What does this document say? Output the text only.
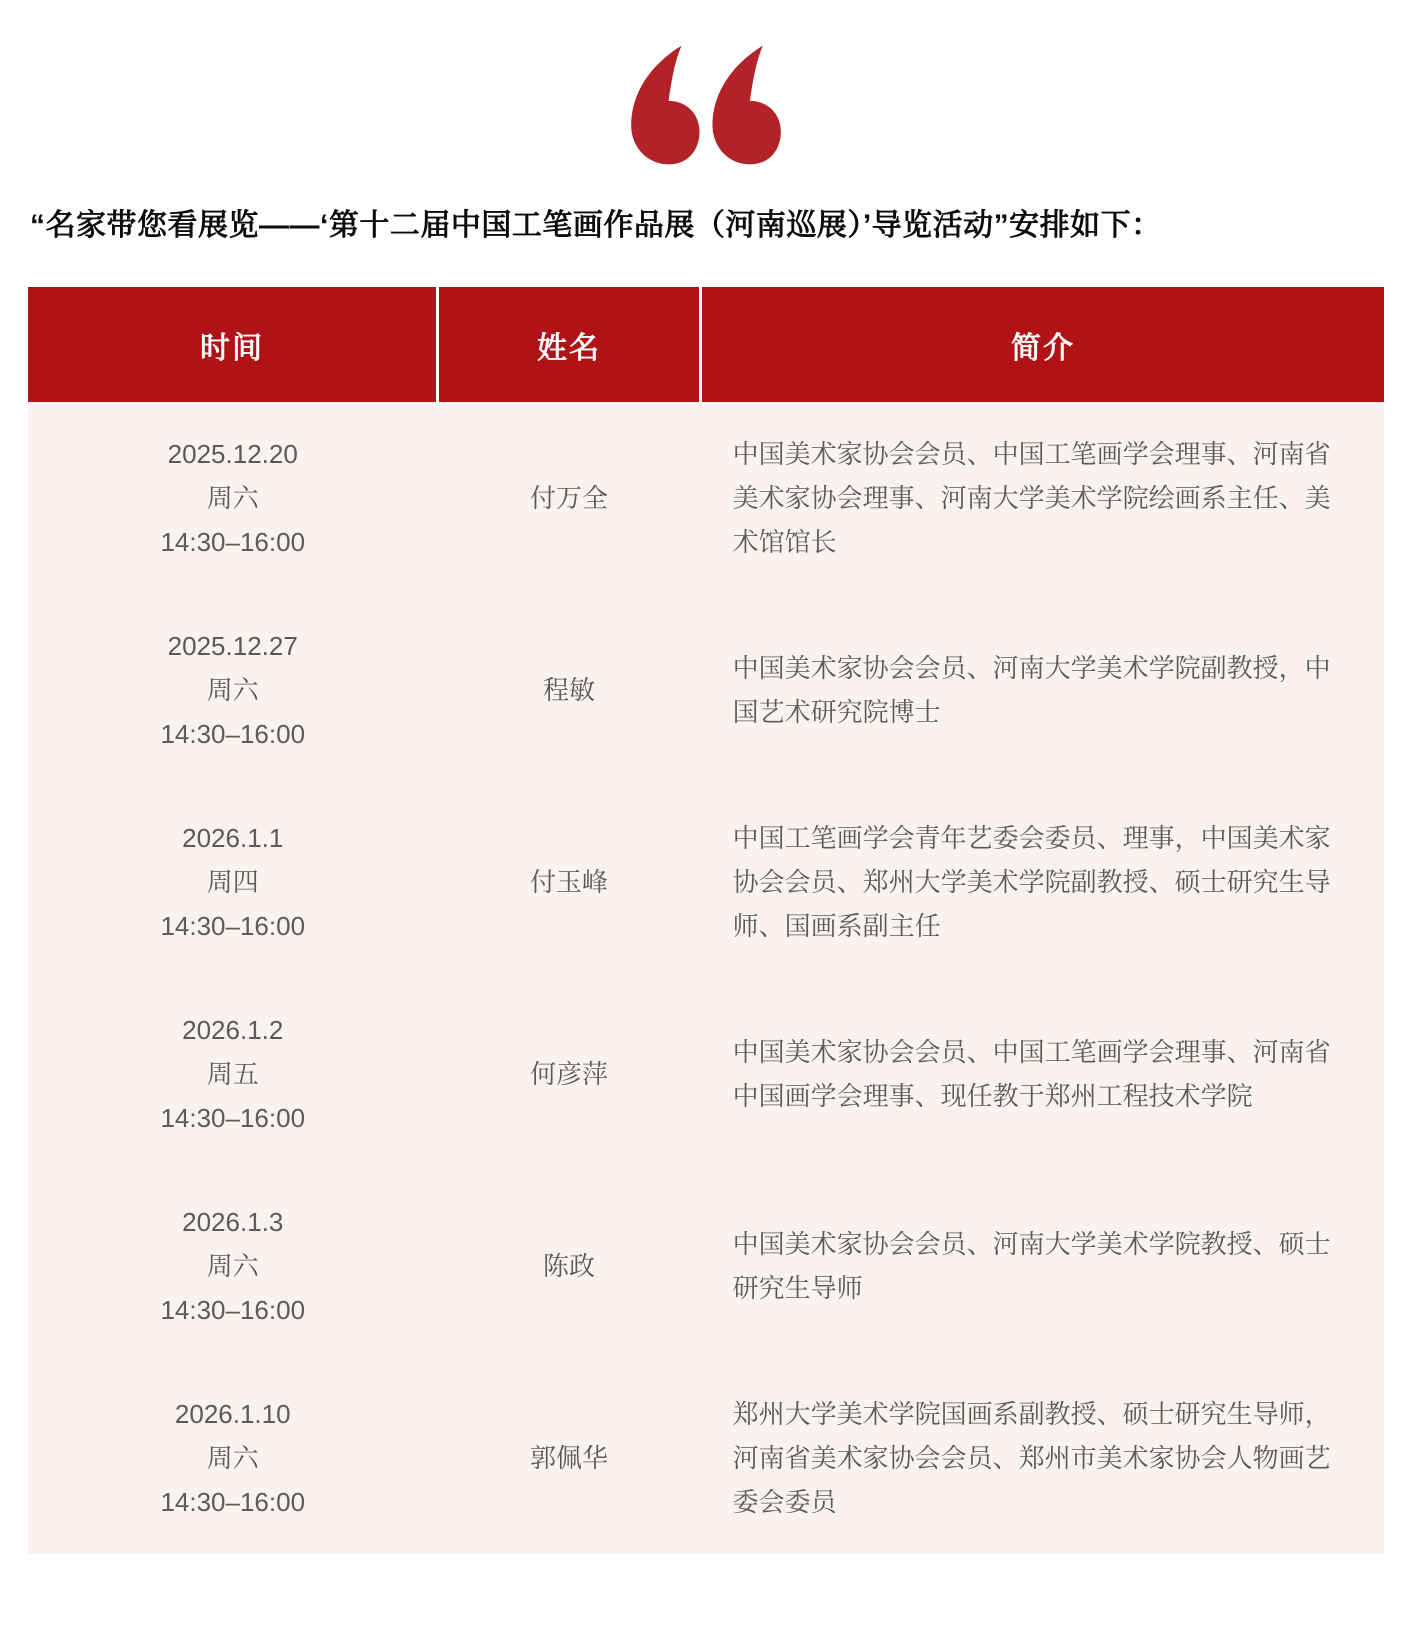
“名家带您看展览——‘第十二届中国工笔画作品展（河南巡展）’导览活动”安排如下：
时间	姓名	简介

2025.12.20
周六
14:30–16:00	付万全	中国美术家协会会员、中国工笔画学会理事、河南省美术家协会理事、河南大学美术学院绘画系主任、美术馆馆长

2025.12.27
周六
14:30–16:00	程敏	中国美术家协会会员、河南大学美术学院副教授，中国艺术研究院博士

2026.1.1
周四
14:30–16:00	付玉峰	中国工笔画学会青年艺委会委员、理事，中国美术家协会会员、郑州大学美术学院副教授、硕士研究生导师、国画系副主任

2026.1.2
周五
14:30–16:00	何彦萍	中国美术家协会会员、中国工笔画学会理事、河南省中国画学会理事、现任教于郑州工程技术学院

2026.1.3
周六
14:30–16:00	陈政	中国美术家协会会员、河南大学美术学院教授、硕士研究生导师

2026.1.10
周六
14:30–16:00	郭佩华	郑州大学美术学院国画系副教授、硕士研究生导师，河南省美术家协会会员、郑州市美术家协会人物画艺委会委员
